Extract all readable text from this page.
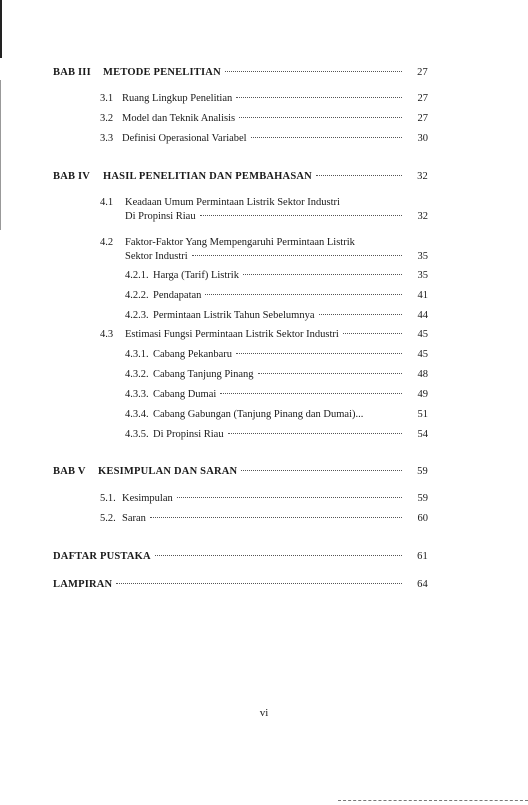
BAB III	METODE PENELITIAN	27
3.1 Ruang Lingkup Penelitian	27
3.2 Model dan Teknik Analisis	27
3.3 Definisi Operasional Variabel	30
BAB IV	HASIL PENELITIAN DAN PEMBAHASAN	32
4.1 Keadaan Umum Permintaan Listrik Sektor Industri
Di Propinsi Riau	32
4.2 Faktor-Faktor Yang Mempengaruhi Permintaan Listrik
Sektor Industri	35
4.2.1. Harga (Tarif) Listrik	35
4.2.2. Pendapatan	41
4.2.3. Permintaan Listrik Tahun Sebelumnya	44
4.3	Estimasi Fungsi Permintaan Listrik Sektor Industri	45
4.3.1. Cabang Pekanbaru	45
4.3.2. Cabang Tanjung Pinang	48
4.3.3. Cabang Dumai	49
4.3.4. Cabang Gabungan (Tanjung Pinang dan Dumai)...	51
4.3.5. Di Propinsi Riau	54
BAB V	KESIMPULAN DAN SARAN	59
5.1. Kesimpulan	59
5.2. Saran	60
DAFTAR PUSTAKA	61
LAMPIRAN	64
vi
